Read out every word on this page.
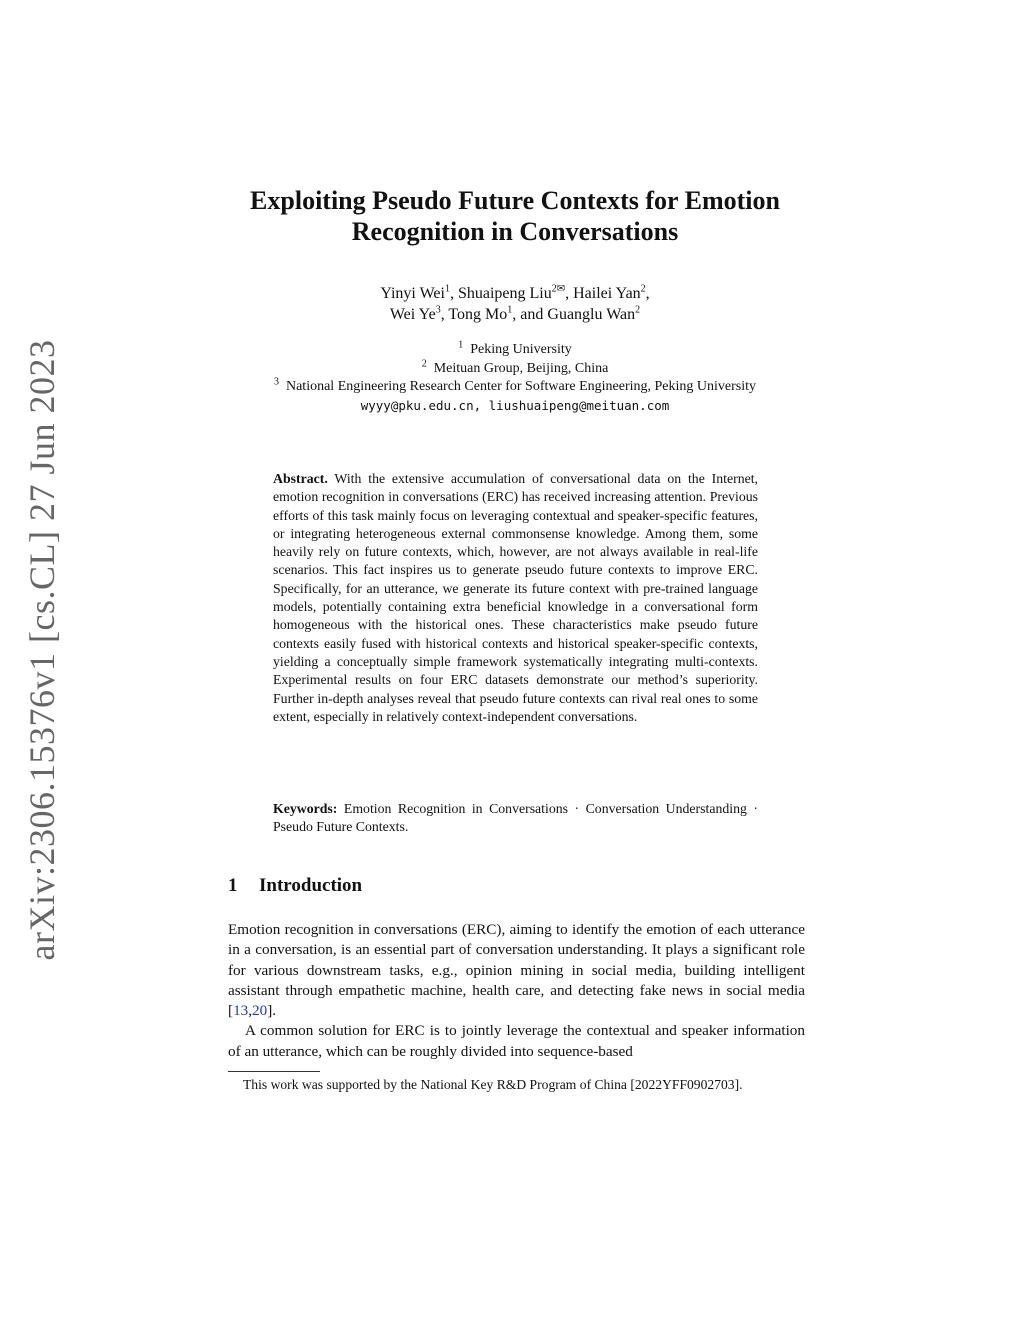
arXiv:2306.15376v1 [cs.CL] 27 Jun 2023
Exploiting Pseudo Future Contexts for Emotion
Recognition in Conversations
Yinyi Wei$^1$, Shuaipeng Liu$^{2✉}$, Hailei Yan$^2$,
Wei Ye$^3$, Tong Mo$^1$, and Guanglu Wan$^2$
$^1$ Peking University
$^2$ Meituan Group, Beijing, China
$^3$ National Engineering Research Center for Software Engineering, Peking University
wyyy@pku.edu.cn, liushuaipeng@meituan.com
Abstract. With the extensive accumulation of conversational data on the Internet, emotion recognition in conversations (ERC) has received increasing attention. Previous efforts of this task mainly focus on leveraging contextual and speaker-specific features, or integrating heterogeneous external commonsense knowledge. Among them, some heavily rely on future contexts, which, however, are not always available in real-life scenarios. This fact inspires us to generate pseudo future contexts to improve ERC. Specifically, for an utterance, we generate its future context with pre-trained language models, potentially containing extra beneficial knowledge in a conversational form homogeneous with the historical ones. These characteristics make pseudo future contexts easily fused with historical contexts and historical speaker-specific contexts, yielding a conceptually simple framework systematically integrating multi-contexts. Experimental results on four ERC datasets demonstrate our method’s superiority. Further in-depth analyses reveal that pseudo future contexts can rival real ones to some extent, especially in relatively context-independent conversations.
Keywords: Emotion Recognition in Conversations · Conversation Understanding · Pseudo Future Contexts.
1 Introduction

Emotion recognition in conversations (ERC), aiming to identify the emotion of each utterance in a conversation, is an essential part of conversation understanding. It plays a significant role for various downstream tasks, e.g., opinion mining in social media, building intelligent assistant through empathetic machine, health care, and detecting fake news in social media [13,20].

A common solution for ERC is to jointly leverage the contextual and speaker information of an utterance, which can be roughly divided into sequence-based

This work was supported by the National Key R&D Program of China [2022YFF0902703].
